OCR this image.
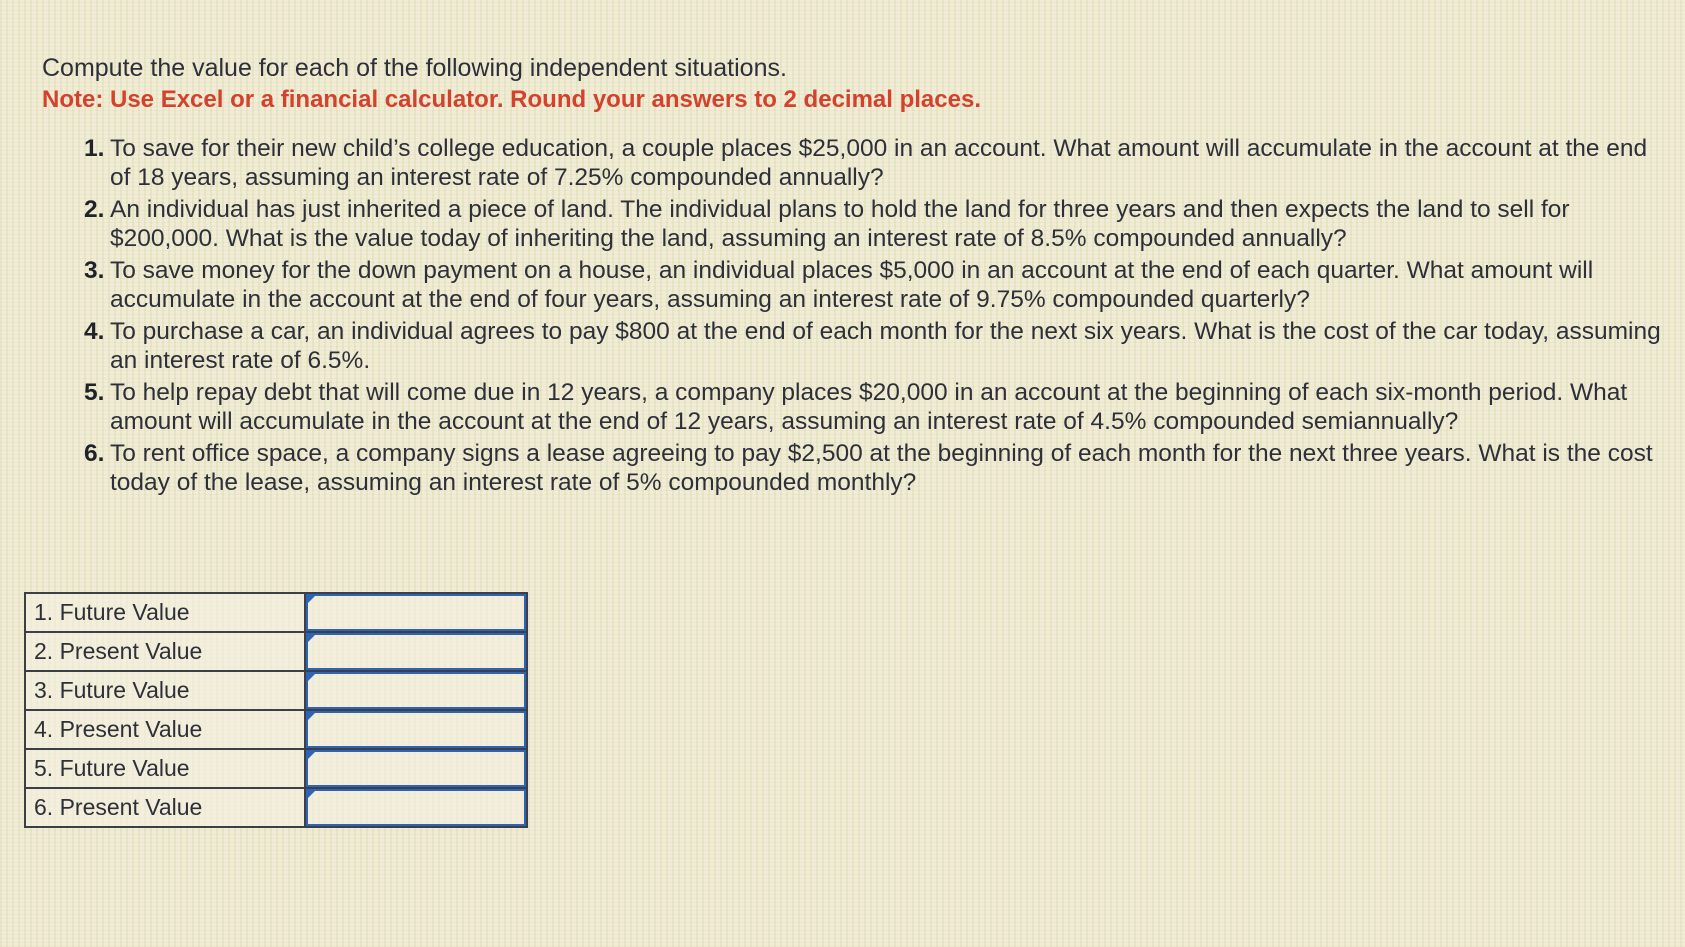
Compute the value for each of the following independent situations.
Note: Use Excel or a financial calculator. Round your answers to 2 decimal places.
1. To save for their new child’s college education, a couple places $25,000 in an account. What amount will accumulate in the account at the end of 18 years, assuming an interest rate of 7.25% compounded annually?
2. An individual has just inherited a piece of land. The individual plans to hold the land for three years and then expects the land to sell for $200,000. What is the value today of inheriting the land, assuming an interest rate of 8.5% compounded annually?
3. To save money for the down payment on a house, an individual places $5,000 in an account at the end of each quarter. What amount will accumulate in the account at the end of four years, assuming an interest rate of 9.75% compounded quarterly?
4. To purchase a car, an individual agrees to pay $800 at the end of each month for the next six years. What is the cost of the car today, assuming an interest rate of 6.5%.
5. To help repay debt that will come due in 12 years, a company places $20,000 in an account at the beginning of each six-month period. What amount will accumulate in the account at the end of 12 years, assuming an interest rate of 4.5% compounded semiannually?
6. To rent office space, a company signs a lease agreeing to pay $2,500 at the beginning of each month for the next three years. What is the cost today of the lease, assuming an interest rate of 5% compounded monthly?
1. Future Value	

2. Present Value	

3. Future Value	

4. Present Value	

5. Future Value	

6. Present Value	
